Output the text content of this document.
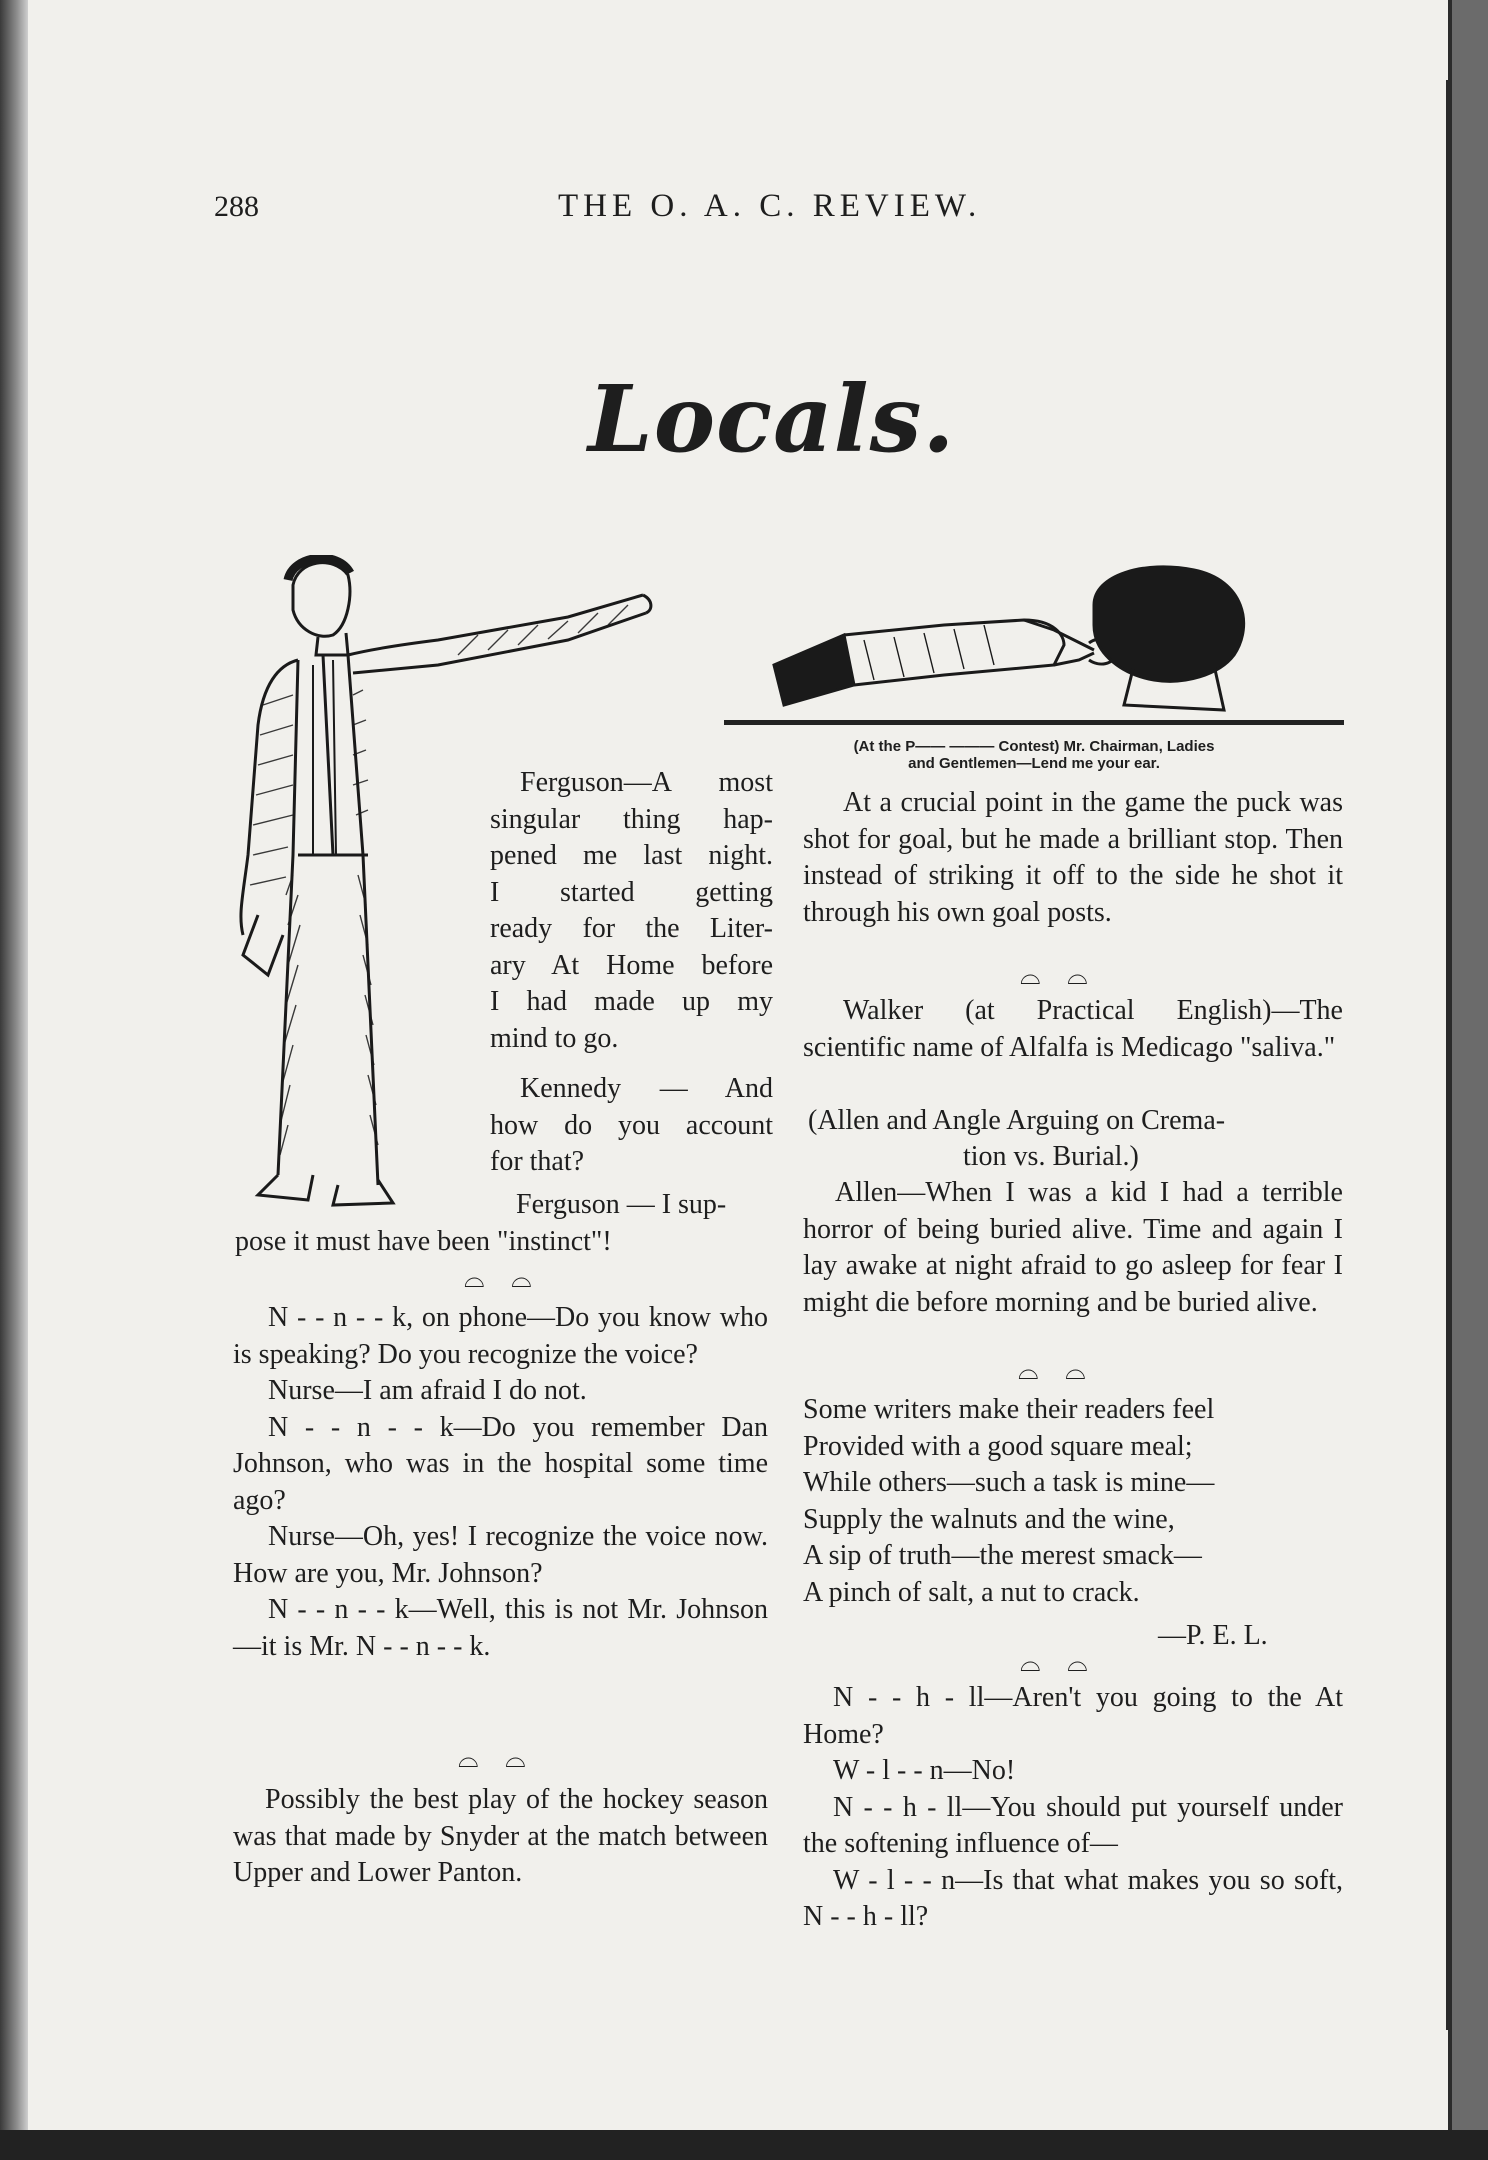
288	THE O. A. C. REVIEW.
Locals.
(At the P—— ——— Contest) Mr. Chairman, Ladies
and Gentlemen—Lend me your ear.
Ferguson—A most
singular thing hap-
pened me last night.
I started getting
ready for the Liter-
ary At Home before
I had made up my
mind to go.
Kennedy — And
how do you account
for that?
Ferguson — I sup-
pose it must have been "instinct"!
⌓ ⌓
N - - n - - k, on phone—Do you know who is speaking? Do you recognize the voice?
Nurse—I am afraid I do not.
N - - n - - k—Do you remember Dan Johnson, who was in the hospital some time ago?
Nurse—Oh, yes! I recognize the voice now. How are you, Mr. Johnson?
N - - n - - k—Well, this is not Mr. Johnson—it is Mr. N - - n - - k.
⌓ ⌓
Possibly the best play of the hockey season was that made by Snyder at the match between Upper and Lower Panton.
At a crucial point in the game the puck was shot for goal, but he made a brilliant stop. Then instead of striking it off to the side he shot it through his own goal posts.
⌓ ⌓
Walker (at Practical English)—The scientific name of Alfalfa is Medicago "saliva."
(Allen and Angle Arguing on Crema-
tion vs. Burial.)
Allen—When I was a kid I had a terrible horror of being buried alive. Time and again I lay awake at night afraid to go asleep for fear I might die before morning and be buried alive.
⌓ ⌓
Some writers make their readers feel
Provided with a good square meal;
While others—such a task is mine—
Supply the walnuts and the wine,
A sip of truth—the merest smack—
A pinch of salt, a nut to crack.
—P. E. L.
⌓ ⌓
N - - h - ll—Aren't you going to the At Home?
W - l - - n—No!
N - - h - ll—You should put yourself under the softening influence of—
W - l - - n—Is that what makes you so soft, N - - h - ll?
